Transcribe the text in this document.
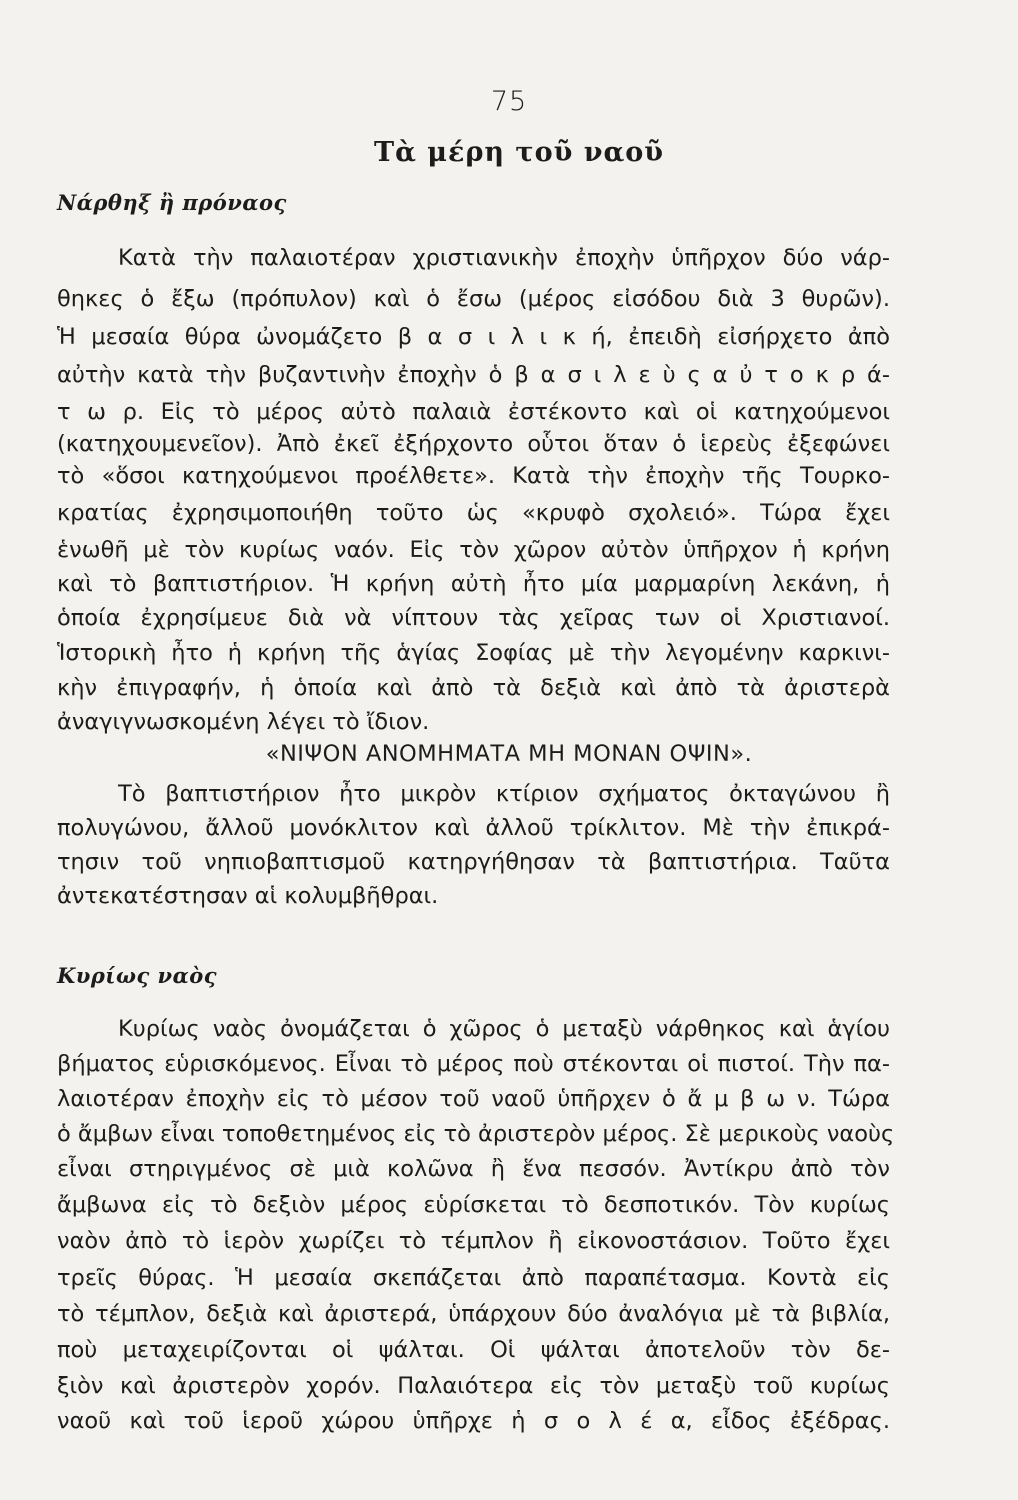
75
Τὰ μέρη τοῦ ναοῦ
Νάρθηξ ἢ πρόναος
Κατὰ τὴν παλαιοτέραν χριστιανικὴν ἐποχὴν ὑπῆρχον δύο νάρ-
θηκες ὁ ἔξω (πρόπυλον) καὶ ὁ ἔσω (μέρος εἰσόδου διὰ 3 θυρῶν).
Ἡ μεσαία θύρα ὠνομάζετο β α σ ι λ ι κ ή, ἐπειδὴ εἰσήρχετο ἀπὸ
αὐτὴν κατὰ τὴν βυζαντινὴν ἐποχὴν ὁ β α σ ι λ ε ὺ ς α ὐ τ ο κ ρ ά-
τ ω ρ. Εἰς τὸ μέρος αὐτὸ παλαιὰ ἐστέκοντο καὶ οἱ κατηχούμενοι
(κατηχουμενεῖον). Ἀπὸ ἐκεῖ ἐξήρχοντο οὗτοι ὅταν ὁ ἱερεὺς ἐξεφώνει
τὸ «ὅσοι κατηχούμενοι προέλθετε». Κατὰ τὴν ἐποχὴν τῆς Τουρκο-
κρατίας ἐχρησιμοποιήθη τοῦτο ὡς «κρυφὸ σχολειό». Τώρα ἔχει
ἑνωθῆ μὲ τὸν κυρίως ναόν. Εἰς τὸν χῶρον αὐτὸν ὑπῆρχον ἡ κρήνη
καὶ τὸ βαπτιστήριον. Ἡ κρήνη αὐτὴ ἦτο μία μαρμαρίνη λεκάνη, ἡ
ὁποία ἐχρησίμευε διὰ νὰ νίπτουν τὰς χεῖρας των οἱ Χριστιανοί.
Ἱστορικὴ ἦτο ἡ κρήνη τῆς ἁγίας Σοφίας μὲ τὴν λεγομένην καρκινι-
κὴν ἐπιγραφήν, ἡ ὁποία καὶ ἀπὸ τὰ δεξιὰ καὶ ἀπὸ τὰ ἀριστερὰ
ἀναγιγνωσκομένη λέγει τὸ ἴδιον.
«ΝΙΨΟΝ ΑΝΟΜΗΜΑΤΑ ΜΗ ΜΟΝΑΝ ΟΨΙΝ».
Τὸ βαπτιστήριον ἦτο μικρὸν κτίριον σχήματος ὀκταγώνου ἢ
πολυγώνου, ἄλλοῦ μονόκλιτον καὶ ἀλλοῦ τρίκλιτον. Μὲ τὴν ἐπικρά-
τησιν τοῦ νηπιοβαπτισμοῦ κατηργήθησαν τὰ βαπτιστήρια. Ταῦτα
ἀντεκατέστησαν αἱ κολυμβῆθραι.
Κυρίως ναὸς
Κυρίως ναὸς ὀνομάζεται ὁ χῶρος ὁ μεταξὺ νάρθηκος καὶ ἁγίου
βήματος εὑρισκόμενος. Εἶναι τὸ μέρος ποὺ στέκονται οἱ πιστοί. Τὴν πα-
λαιοτέραν ἐποχὴν εἰς τὸ μέσον τοῦ ναοῦ ὑπῆρχεν ὁ ἄ μ β ω ν. Τώρα
ὁ ἄμβων εἶναι τοποθετημένος εἰς τὸ ἀριστερὸν μέρος. Σὲ μερικοὺς ναοὺς
εἶναι στηριγμένος σὲ μιὰ κολῶνα ἢ ἕνα πεσσόν. Ἀντίκρυ ἀπὸ τὸν
ἄμβωνα εἰς τὸ δεξιὸν μέρος εὑρίσκεται τὸ δεσποτικόν. Τὸν κυρίως
ναὸν ἀπὸ τὸ ἱερὸν χωρίζει τὸ τέμπλον ἢ εἰκονοστάσιον. Τοῦτο ἔχει
τρεῖς θύρας. Ἡ μεσαία σκεπάζεται ἀπὸ παραπέτασμα. Κοντὰ εἰς
τὸ τέμπλον, δεξιὰ καὶ ἀριστερά, ὑπάρχουν δύο ἀναλόγια μὲ τὰ βιβλία,
ποὺ μεταχειρίζονται οἱ ψάλται. Οἱ ψάλται ἀποτελοῦν τὸν δε-
ξιὸν καὶ ἀριστερὸν χορόν. Παλαιότερα εἰς τὸν μεταξὺ τοῦ κυρίως
ναοῦ καὶ τοῦ ἱεροῦ χώρου ὑπῆρχε ἡ σ ο λ έ α, εἶδος ἐξέδρας.
